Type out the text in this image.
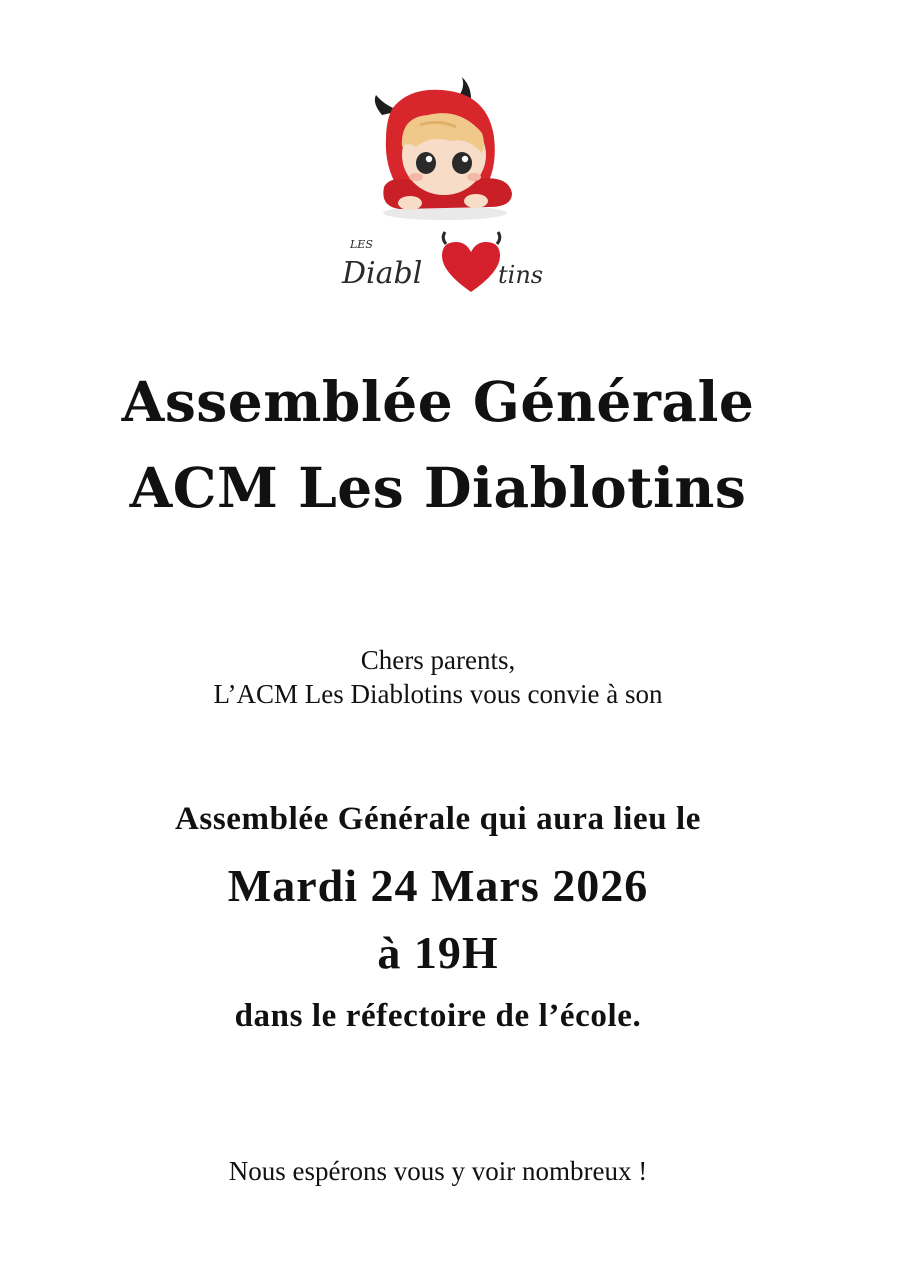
LES
Diabl	tins
Assemblée Générale
ACM Les Diablotins
Chers parents,
L’ACM Les Diablotins vous convie à son
Assemblée Générale qui aura lieu le
Mardi 24 Mars 2026
à 19H
dans le réfectoire de l’école.
Nous espérons vous y voir nombreux !
